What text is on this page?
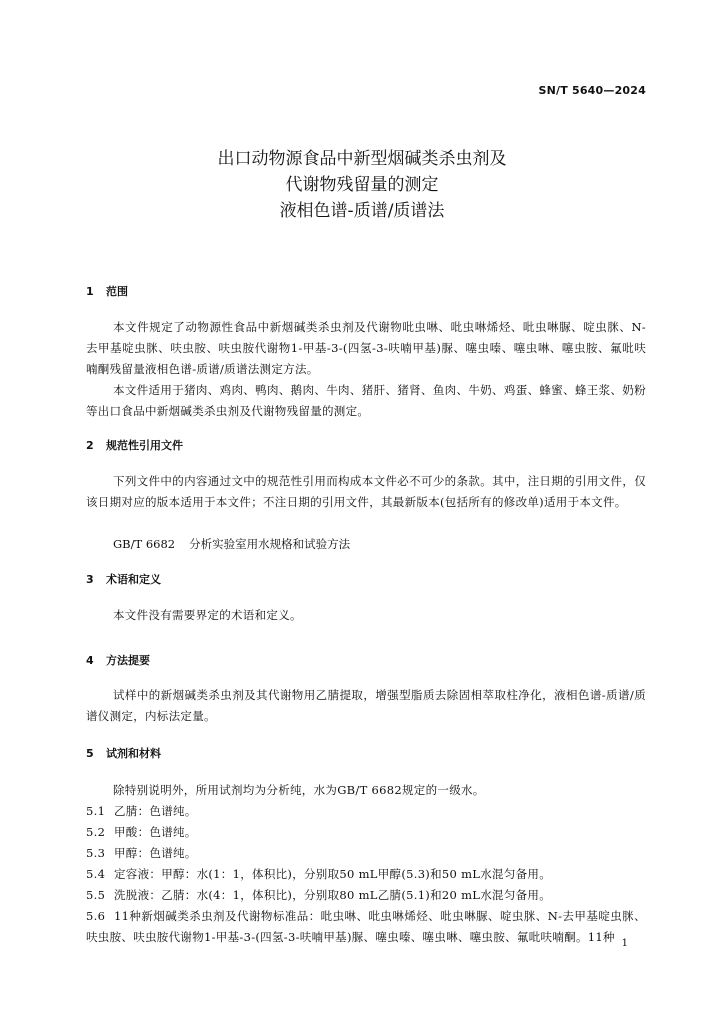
SN/T 5640—2024
出口动物源食品中新型烟碱类杀虫剂及
代谢物残留量的测定
液相色谱-质谱/质谱法
1 范围
本文件规定了动物源性食品中新烟碱类杀虫剂及代谢物吡虫啉、吡虫啉烯烃、吡虫啉脲、啶虫脒、N-去甲基啶虫脒、呋虫胺、呋虫胺代谢物1-甲基-3-(四氢-3-呋喃甲基)脲、噻虫嗪、噻虫啉、噻虫胺、氟吡呋喃酮残留量液相色谱-质谱/质谱法测定方法。
本文件适用于猪肉、鸡肉、鸭肉、鹅肉、牛肉、猪肝、猪肾、鱼肉、牛奶、鸡蛋、蜂蜜、蜂王浆、奶粉等出口食品中新烟碱类杀虫剂及代谢物残留量的测定。
2 规范性引用文件
下列文件中的内容通过文中的规范性引用而构成本文件必不可少的条款。其中，注日期的引用文件，仅该日期对应的版本适用于本文件；不注日期的引用文件，其最新版本(包括所有的修改单)适用于本文件。
GB/T 6682 分析实验室用水规格和试验方法
3 术语和定义
本文件没有需要界定的术语和定义。
4 方法提要
试样中的新烟碱类杀虫剂及其代谢物用乙腈提取，增强型脂质去除固相萃取柱净化，液相色谱-质谱/质谱仪测定，内标法定量。
5 试剂和材料
除特别说明外，所用试剂均为分析纯，水为GB/T 6682规定的一级水。
5.1 乙腈：色谱纯。
5.2 甲酸：色谱纯。
5.3 甲醇：色谱纯。
5.4 定容液：甲醇：水(1：1，体积比)，分别取50 mL甲醇(5.3)和50 mL水混匀备用。
5.5 洗脱液：乙腈：水(4：1，体积比)，分别取80 mL乙腈(5.1)和20 mL水混匀备用。
5.6 11种新烟碱类杀虫剂及代谢物标准品：吡虫啉、吡虫啉烯烃、吡虫啉脲、啶虫脒、N-去甲基啶虫脒、呋虫胺、呋虫胺代谢物1-甲基-3-(四氢-3-呋喃甲基)脲、噻虫嗪、噻虫啉、噻虫胺、氟吡呋喃酮。11种 1
